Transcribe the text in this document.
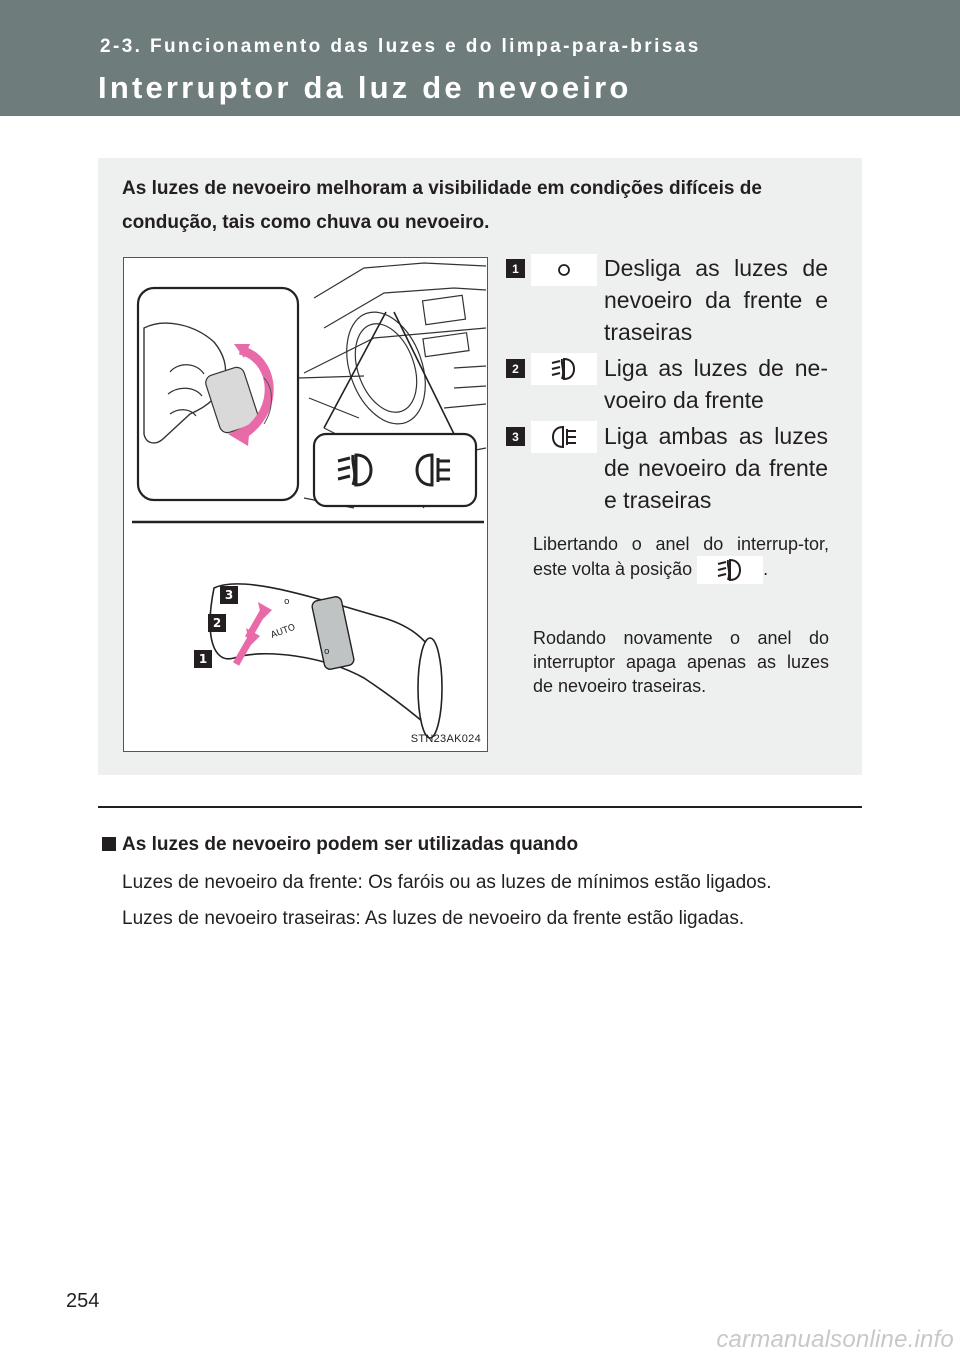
2-3. Funcionamento das luzes e do limpa-para-brisas
Interruptor da luz de nevoeiro

As luzes de nevoeiro melhoram a visibilidade em condições difíceis de condução, tais como chuva ou nevoeiro.

AUTO
o
o
3
2
1
STN23AK024
1	Desliga as luzes de nevoeiro da frente e traseiras

2	Liga as luzes de ne-voeiro da frente

3	Liga ambas as luzes de nevoeiro da frente e traseiras

Libertando o anel do interrup-tor, este volta à posição	.

Rodando novamente o anel do interruptor apaga apenas as luzes de nevoeiro traseiras.

As luzes de nevoeiro podem ser utilizadas quando

Luzes de nevoeiro da frente: Os faróis ou as luzes de mínimos estão ligados.

Luzes de nevoeiro traseiras: As luzes de nevoeiro da frente estão ligadas.

254
carmanualsonline.info
